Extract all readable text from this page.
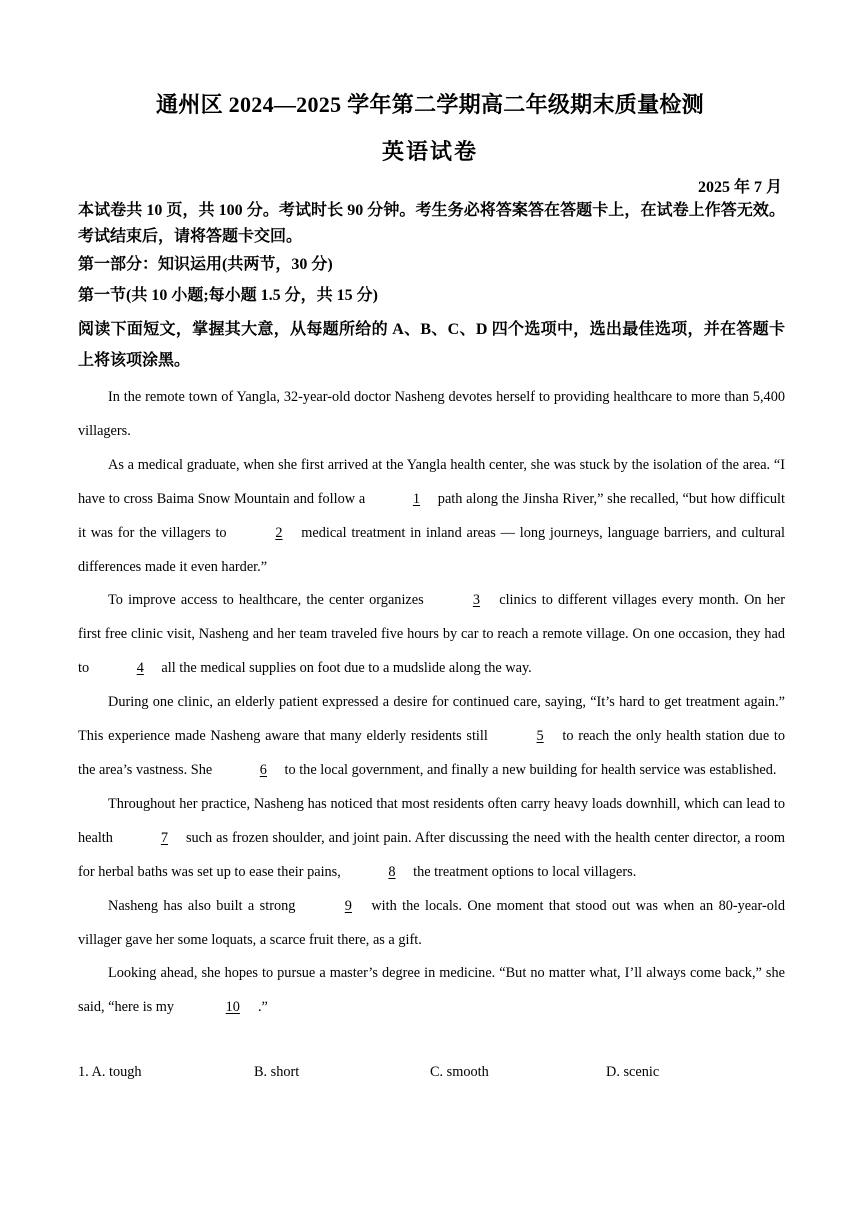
通州区 2024—2025 学年第二学期高二年级期末质量检测
英语试卷
2025 年 7 月
本试卷共 10 页，共 100 分。考试时长 90 分钟。考生务必将答案答在答题卡上，在试卷上作答无效。考试结束后，请将答题卡交回。
第一部分：知识运用(共两节，30 分)
第一节(共 10 小题;每小题 1.5 分，共 15 分)
阅读下面短文，掌握其大意，从每题所给的 A、B、C、D 四个选项中，选出最佳选项，并在答题卡上将该项涂黑。

In the remote town of Yangla, 32-year-old doctor Nasheng devotes herself to providing healthcare to more than 5,400 villagers.

As a medical graduate, when she first arrived at the Yangla health center, she was stuck by the isolation of the area. “I have to cross Baima Snow Mountain and follow a	1 path along the Jinsha River,” she recalled, “but how difficult it was for the villagers to	2 medical treatment in inland areas — long journeys, language barriers, and cultural differences made it even harder.”

To improve access to healthcare, the center organizes	3 clinics to different villages every month. On her first free clinic visit, Nasheng and her team traveled five hours by car to reach a remote village. On one occasion, they had to	4 all the medical supplies on foot due to a mudslide along the way.

During one clinic, an elderly patient expressed a desire for continued care, saying, “It’s hard to get treatment again.” This experience made Nasheng aware that many elderly residents still	5 to reach the only health station due to the area’s vastness. She	6 to the local government, and finally a new building for health service was established.

Throughout her practice, Nasheng has noticed that most residents often carry heavy loads downhill, which can lead to health	7 such as frozen shoulder, and joint pain. After discussing the need with the health center director, a room for herbal baths was set up to ease their pains,	8 the treatment options to local villagers.

Nasheng has also built a strong	9 with the locals. One moment that stood out was when an 80-year-old villager gave her some loquats, a scarce fruit there, as a gift.

Looking ahead, she hopes to pursue a master’s degree in medicine. “But no matter what, I’ll always come back,” she said, “here is my	10 .”

1. A. tough	B. short	C. smooth	D. scenic
